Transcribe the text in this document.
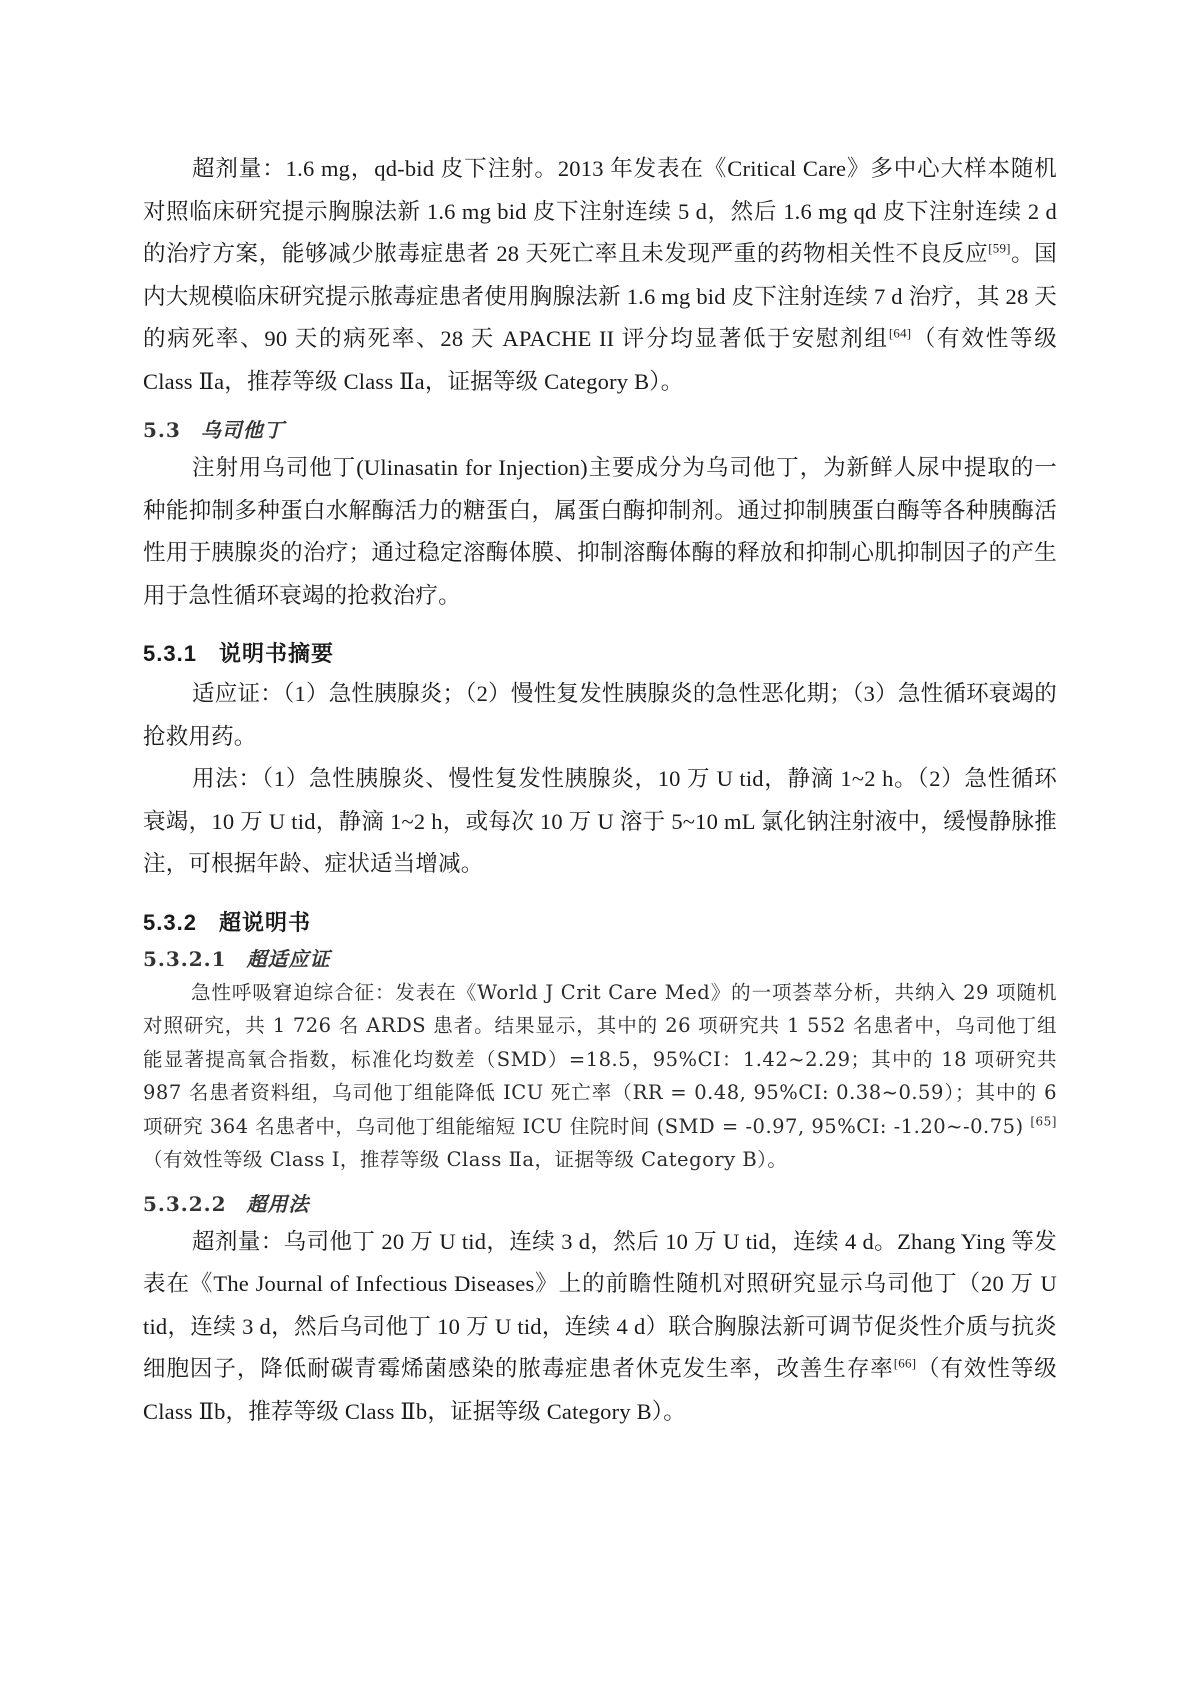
超剂量：1.6 mg，qd-bid 皮下注射。2013 年发表在《Critical Care》多中心大样本随机对照临床研究提示胸腺法新 1.6 mg bid 皮下注射连续 5 d，然后 1.6 mg qd 皮下注射连续 2 d 的治疗方案，能够减少脓毒症患者 28 天死亡率且未发现严重的药物相关性不良反应[59]。国内大规模临床研究提示脓毒症患者使用胸腺法新 1.6 mg bid 皮下注射连续 7 d 治疗，其 28 天的病死率、90 天的病死率、28 天 APACHE II 评分均显著低于安慰剂组[64]（有效性等级 Class Ⅱa，推荐等级 Class Ⅱa，证据等级 Category B）。

5.3 乌司他丁

注射用乌司他丁(Ulinasatin for Injection)主要成分为乌司他丁，为新鲜人尿中提取的一种能抑制多种蛋白水解酶活力的糖蛋白，属蛋白酶抑制剂。通过抑制胰蛋白酶等各种胰酶活性用于胰腺炎的治疗；通过稳定溶酶体膜、抑制溶酶体酶的释放和抑制心肌抑制因子的产生用于急性循环衰竭的抢救治疗。

5.3.1 说明书摘要

适应证：（1）急性胰腺炎；（2）慢性复发性胰腺炎的急性恶化期；（3）急性循环衰竭的抢救用药。

用法：（1）急性胰腺炎、慢性复发性胰腺炎，10 万 U tid，静滴 1~2 h。（2）急性循环衰竭，10 万 U tid，静滴 1~2 h，或每次 10 万 U 溶于 5~10 mL 氯化钠注射液中，缓慢静脉推注，可根据年龄、症状适当增减。

5.3.2 超说明书
5.3.2.1 超适应证

急性呼吸窘迫综合征：发表在《World J Crit Care Med》的一项荟萃分析，共纳入 29 项随机对照研究，共 1 726 名 ARDS 患者。结果显示，其中的 26 项研究共 1 552 名患者中，乌司他丁组能显著提高氧合指数，标准化均数差（SMD）=18.5，95%CI：1.42~2.29；其中的 18 项研究共 987 名患者资料组，乌司他丁组能降低 ICU 死亡率（RR = 0.48, 95%CI: 0.38~0.59）；其中的 6 项研究 364 名患者中，乌司他丁组能缩短 ICU 住院时间 (SMD = -0.97, 95%CI: -1.20~-0.75) [65]（有效性等级 Class I，推荐等级 Class Ⅱa，证据等级 Category B）。

5.3.2.2 超用法

超剂量：乌司他丁 20 万 U tid，连续 3 d，然后 10 万 U tid，连续 4 d。Zhang Ying 等发表在《The Journal of Infectious Diseases》上的前瞻性随机对照研究显示乌司他丁（20 万 U tid，连续 3 d，然后乌司他丁 10 万 U tid，连续 4 d）联合胸腺法新可调节促炎性介质与抗炎细胞因子，降低耐碳青霉烯菌感染的脓毒症患者休克发生率，改善生存率[66]（有效性等级 Class Ⅱb，推荐等级 Class Ⅱb，证据等级 Category B）。
